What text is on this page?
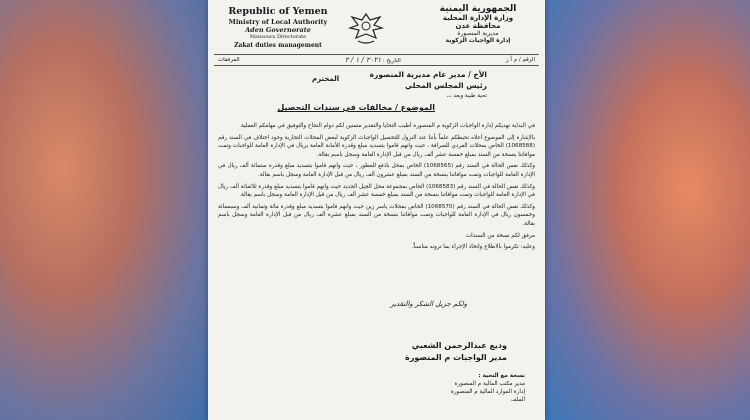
Republic of Yemen
Ministry of Local Authority
Aden Governorate
Mansoura Directorate
Zakat duties management
الجمهورية اليمنية
وزارة الإدارة المحلية
محافظة عدن
مديرية المنصورة
إدارة الواجبات الزكوية
الرقم / م أ ز
التاريخ : ٢٠٢١ / ١ / ٢
المرفقات
الأخ / مدير عام مديرية المنصورة
رئيس المجلس المحلي
المحترم
تحية طيبة وبعد ،،،
الموضوع / مخالفات في سندات التحصيل

في البداية نهديكم إدارة الواجبات الزكوية م المنصورة أطيب التحايا والتقدير متمنين لكم دوام النجاح والتوفيق في مهامكم العملية.

بالإشارة إلى الموضوع أعلاه نحيطكم علماً بأننا عند النزول للتحصيل الواجبات الزكوية لبعض المحلات التجارية وجود اختلاف في السند رقم (1068588) الخاص بمحلات الفردي للصرافة ، حيث وانهم قاموا بتسديد مبلغ وقدرة للأمانة العامة بريال في الإدارة العامة للواجبات وتمت موافاتنا بنسخة من السند بمبلغ خمسة عشر ألف ريال من قبل الإدارة العامة وسجل باسم بقالة.

وكذلك نفس الحالة في السند رقم (1068565) الخاص بمحل باذفع للعطور ، حيث وانهم قاموا بتسديد مبلغ وقدرة ستمائة ألف ريال في الإدارة العامة للواجبات وتمت موافاتنا بنسخة من السند بمبلغ عشرون ألف ريال من قبل الإدارة العامة وسجل باسم بقالة.

وكذلك نفس الحالة في السند رقم (1068583) الخاص بمجموعة محل الجيل الجديد حيث وانهم قاموا بتسديد مبلغ وقدرة ثلاثمائة ألف ريال في الإدارة العامة للواجبات وتمت موافاتنا بنسخة من السند بمبلغ خمسة عشر ألف ريال من قبل الإدارة العامة وسجل باسم بقالة.

وكذلك نفس الحالة في السند رقم (1068570) الخاص بمحلات ياسر زين حيث وانهم قاموا بتسديد مبلغ وقدرة مائة وثمانية ألف وسبعمائة وخمسون ريال في الإدارة العامة للواجبات وتمت موافاتنا بنسخة من السند بمبلغ عشرة ألف ريال من قبل الإدارة العامة وسجل باسم بقالة.

مرفق لكم نسخة من السندات

وعليه: تكرموا بالاطلاع واتخاذ الإجراء بما ترونه مناسباً.

ولكم جزيل الشكر والتقدير
وديع عبدالرحمن الشعبي
مدير الواجبات م المنصورة
نسخة مع التحية :
مدير مكتب المالية م المنصورة
إدارة الموارد المالية م المنصورة
الملف
